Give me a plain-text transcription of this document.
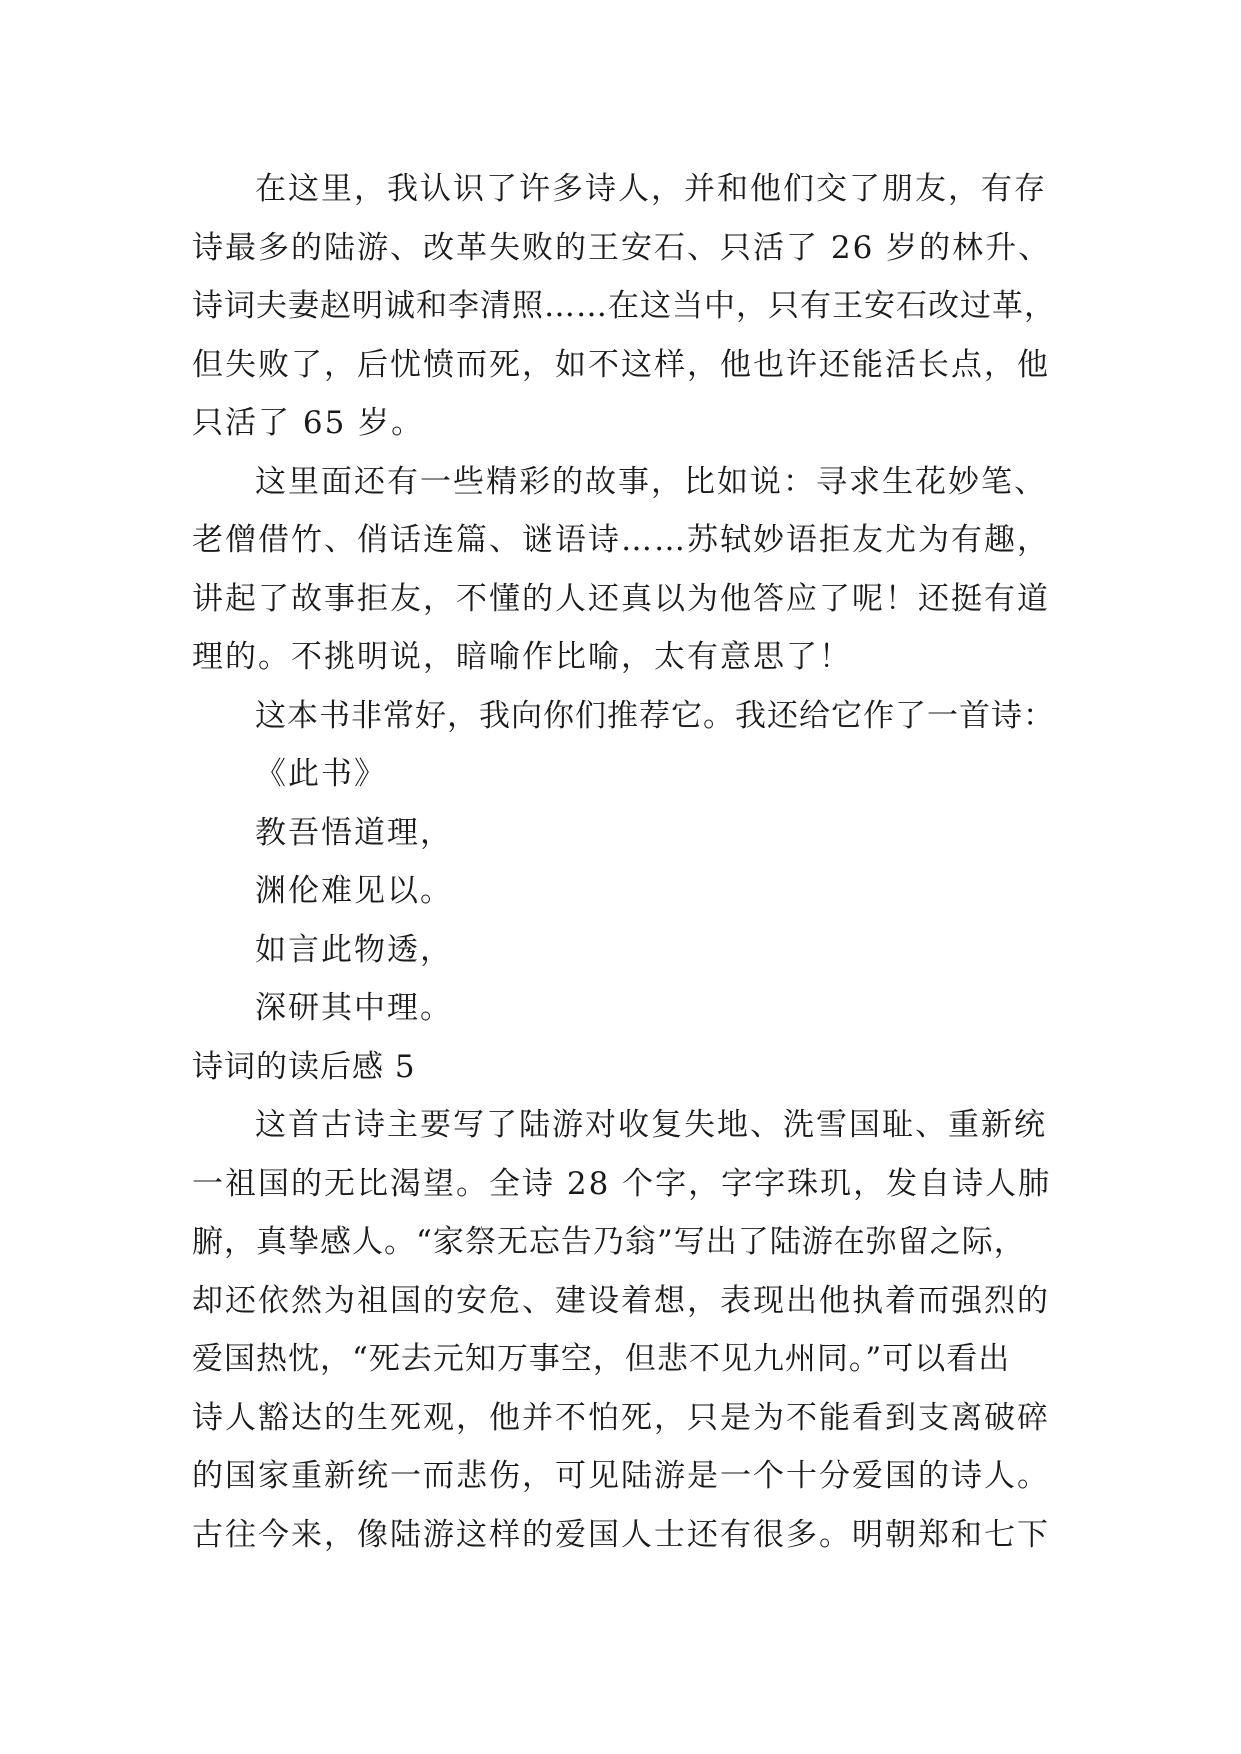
在这里，我认识了许多诗人，并和他们交了朋友，有存
诗最多的陆游、改革失败的王安石、只活了 26 岁的林升、
诗词夫妻赵明诚和李清照……在这当中，只有王安石改过革，
但失败了，后忧愤而死，如不这样，他也许还能活长点，他
只活了 65 岁。
这里面还有一些精彩的故事，比如说：寻求生花妙笔、
老僧借竹、俏话连篇、谜语诗……苏轼妙语拒友尤为有趣，
讲起了故事拒友，不懂的人还真以为他答应了呢！还挺有道
理的。不挑明说，暗喻作比喻，太有意思了！
这本书非常好，我向你们推荐它。我还给它作了一首诗：
《此书》
教吾悟道理，
渊伦难见以。
如言此物透，
深研其中理。
诗词的读后感 5
这首古诗主要写了陆游对收复失地、洗雪国耻、重新统
一祖国的无比渴望。全诗 28 个字，字字珠玑，发自诗人肺
腑，真挚感人。“家祭无忘告乃翁”写出了陆游在弥留之际，
却还依然为祖国的安危、建设着想，表现出他执着而强烈的
爱国热忱，“死去元知万事空，但悲不见九州同。”可以看出
诗人豁达的生死观，他并不怕死，只是为不能看到支离破碎
的国家重新统一而悲伤，可见陆游是一个十分爱国的诗人。
古往今来，像陆游这样的爱国人士还有很多。明朝郑和七下
